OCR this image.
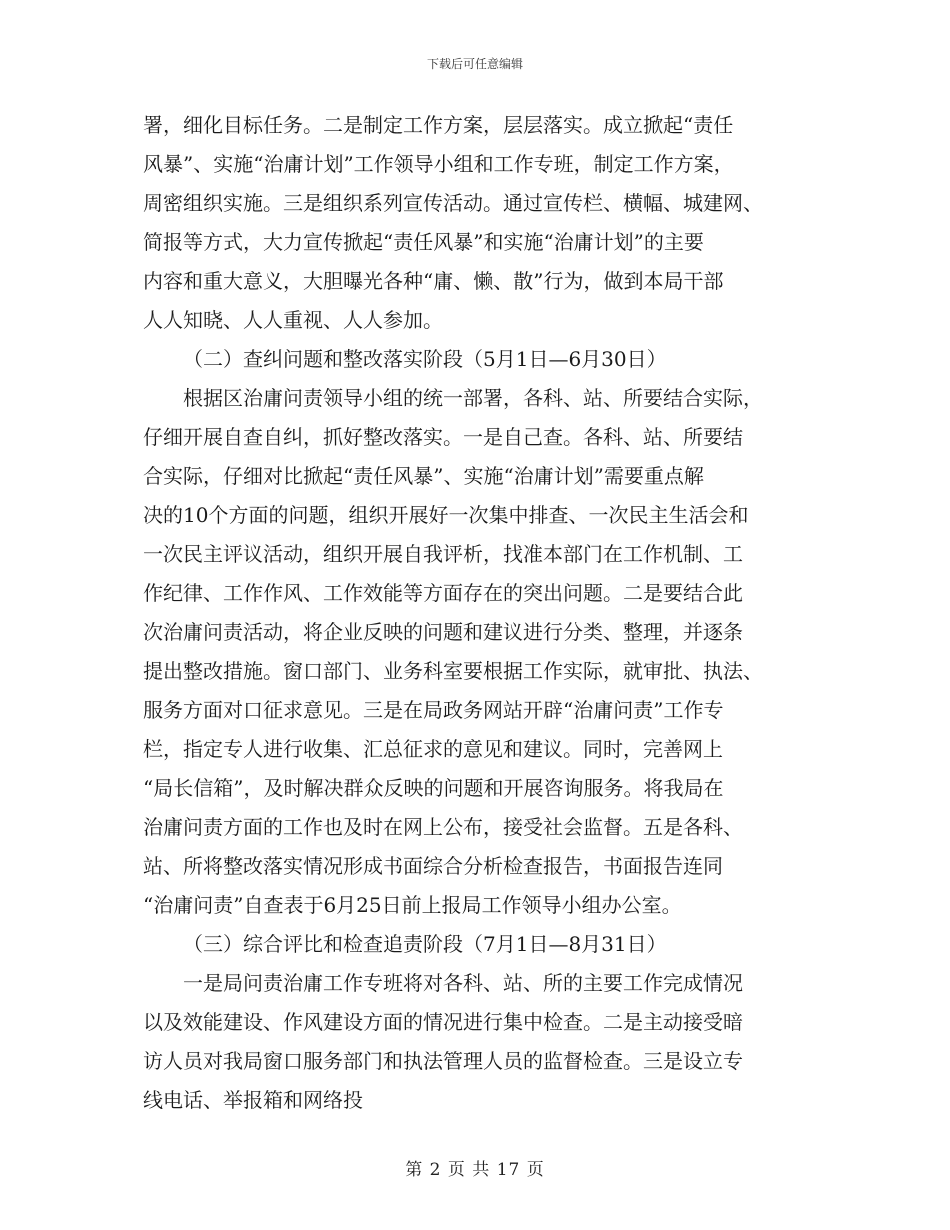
下载后可任意编辑
署，细化目标任务。二是制定工作方案，层层落实。成立掀起“责任
风暴”、实施“治庸计划”工作领导小组和工作专班，制定工作方案，
周密组织实施。三是组织系列宣传活动。通过宣传栏、横幅、城建网、
简报等方式，大力宣传掀起“责任风暴”和实施“治庸计划”的主要
内容和重大意义，大胆曝光各种“庸、懒、散”行为，做到本局干部
人人知晓、人人重视、人人参加。
（二）查纠问题和整改落实阶段（5月1日—6月30日）
根据区治庸问责领导小组的统一部署，各科、站、所要结合实际，
仔细开展自查自纠，抓好整改落实。一是自己查。各科、站、所要结
合实际，仔细对比掀起“责任风暴”、实施“治庸计划”需要重点解
决的10个方面的问题，组织开展好一次集中排查、一次民主生活会和
一次民主评议活动，组织开展自我评析，找准本部门在工作机制、工
作纪律、工作作风、工作效能等方面存在的突出问题。二是要结合此
次治庸问责活动，将企业反映的问题和建议进行分类、整理，并逐条
提出整改措施。窗口部门、业务科室要根据工作实际，就审批、执法、
服务方面对口征求意见。三是在局政务网站开辟“治庸问责”工作专
栏，指定专人进行收集、汇总征求的意见和建议。同时，完善网上
“局长信箱”，及时解决群众反映的问题和开展咨询服务。将我局在
治庸问责方面的工作也及时在网上公布，接受社会监督。五是各科、
站、所将整改落实情况形成书面综合分析检查报告，书面报告连同
“治庸问责”自查表于6月25日前上报局工作领导小组办公室。
（三）综合评比和检查追责阶段（7月1日—8月31日）
一是局问责治庸工作专班将对各科、站、所的主要工作完成情况
以及效能建设、作风建设方面的情况进行集中检查。二是主动接受暗
访人员对我局窗口服务部门和执法管理人员的监督检查。三是设立专
线电话、举报箱和网络投
第 2 页 共 17 页
